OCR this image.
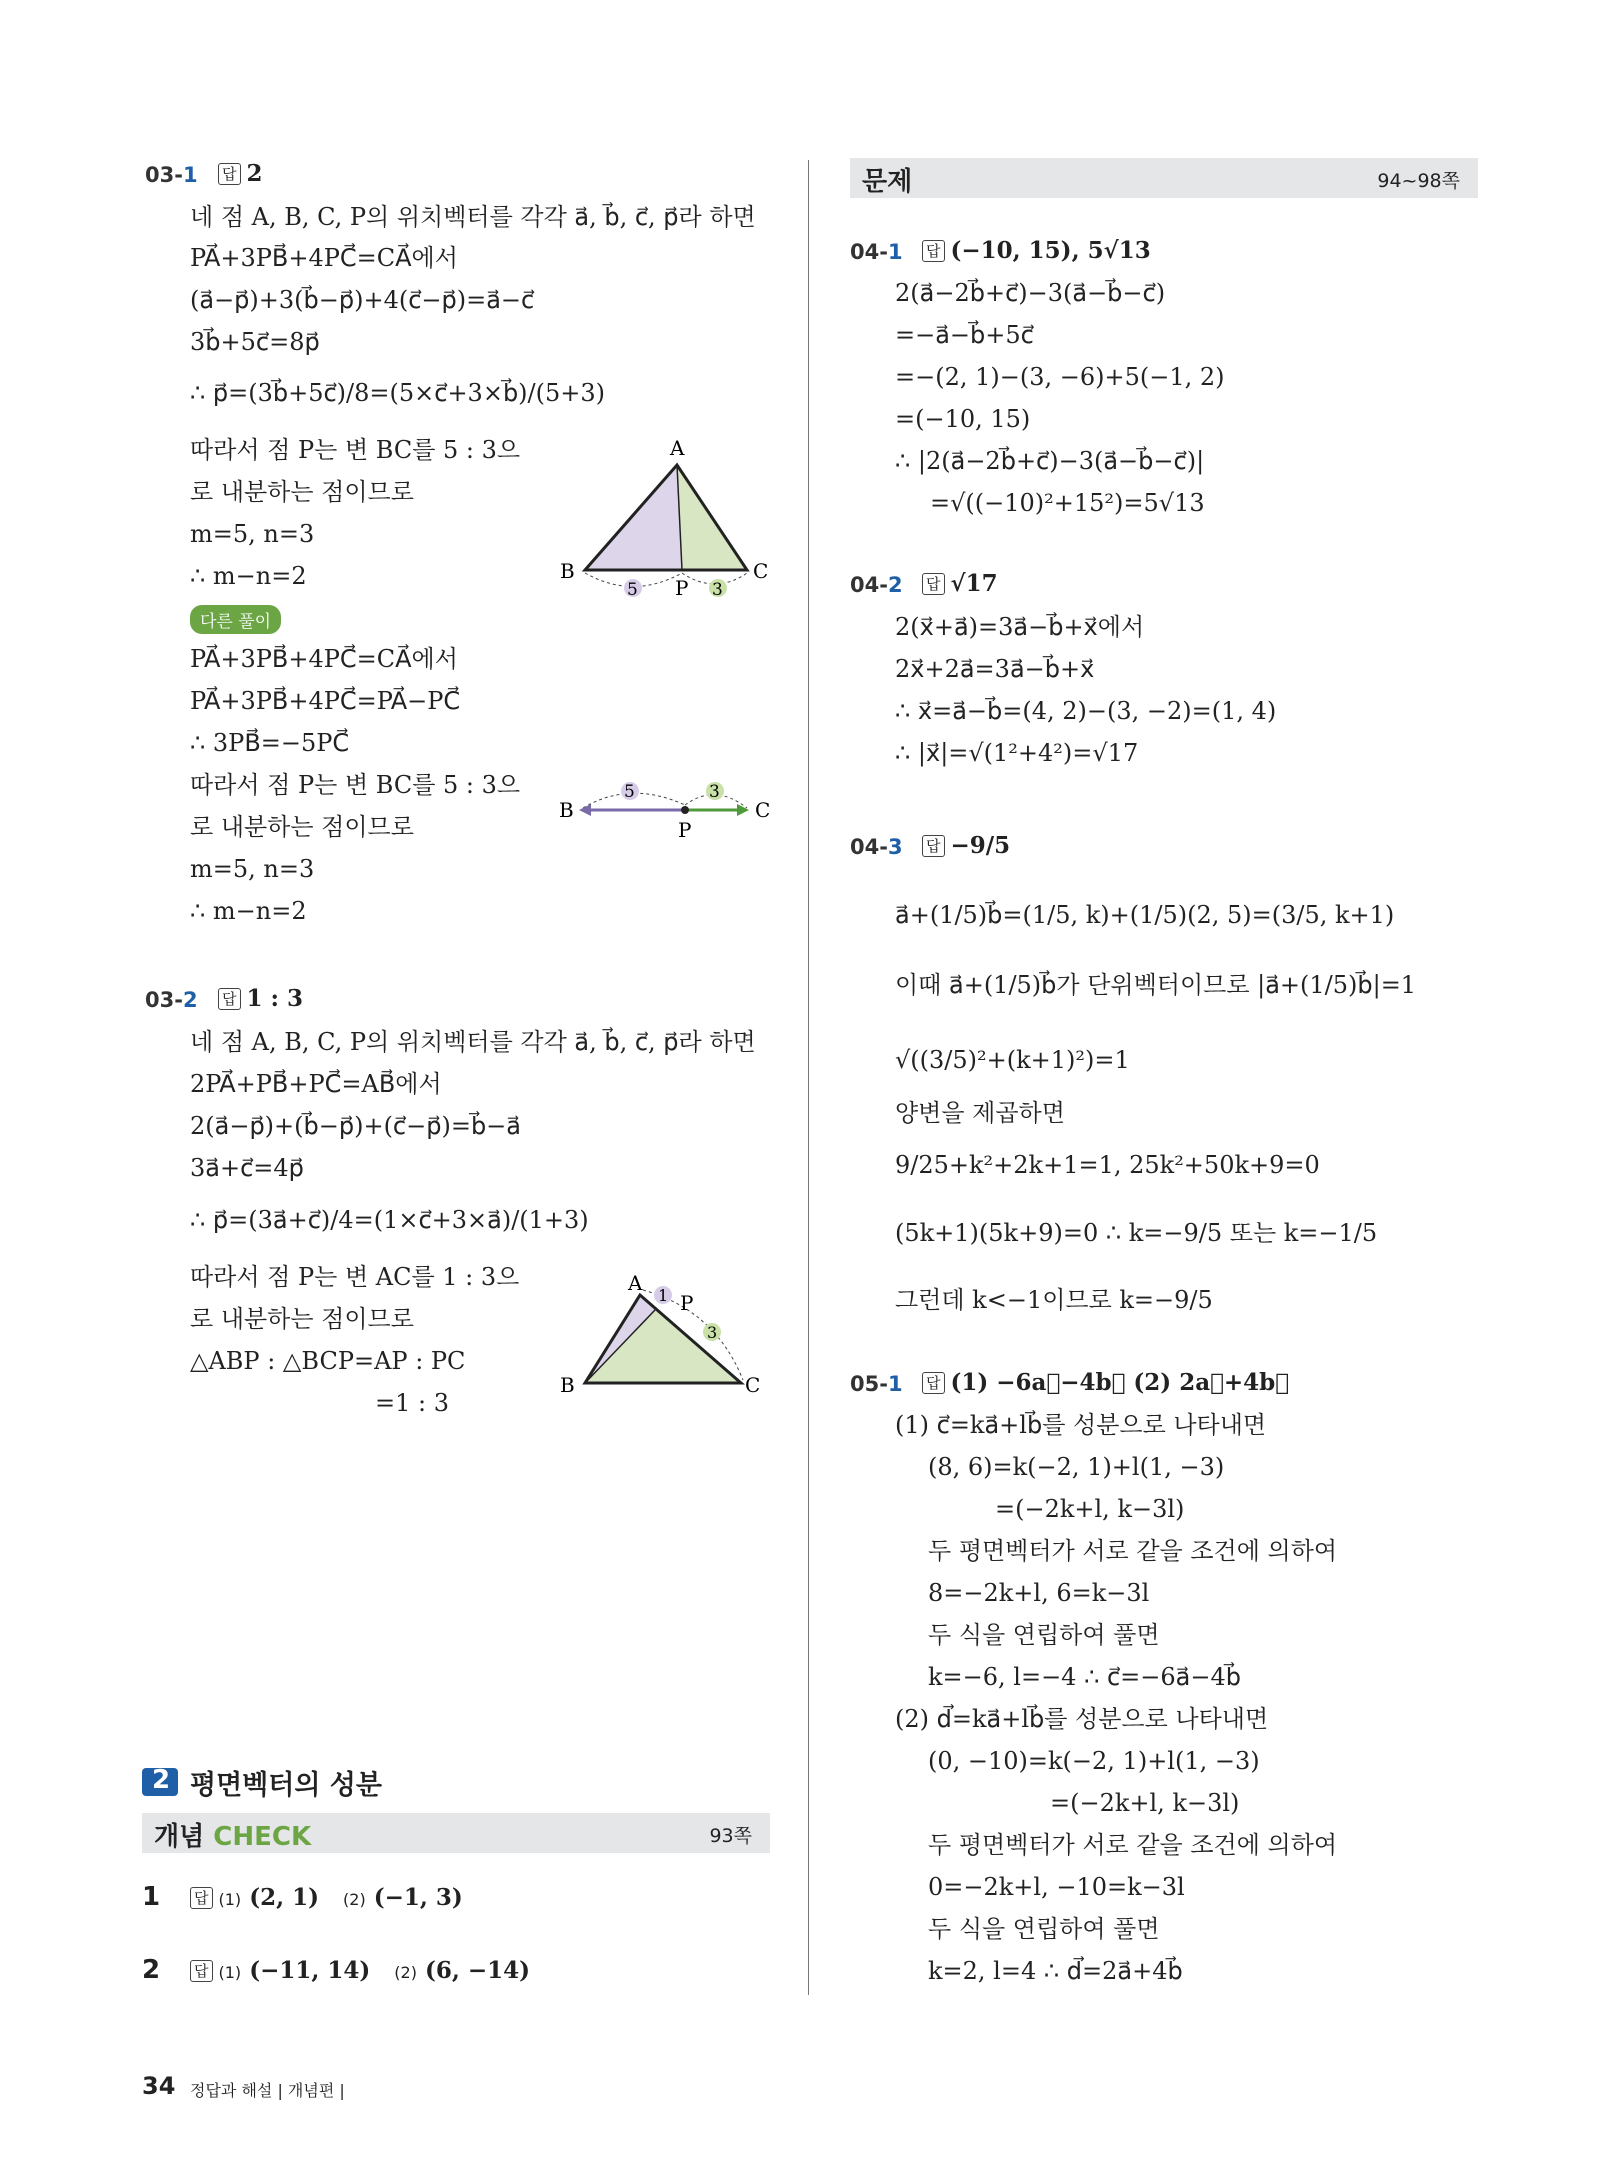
03-1 답 2
네 점 A, B, C, P의 위치벡터를 각각 a⃗, b⃗, c⃗, p⃗라 하면
PA⃗+3PB⃗+4PC⃗=CA⃗에서
(a⃗−p⃗)+3(b⃗−p⃗)+4(c⃗−p⃗)=a⃗−c⃗
3b⃗+5c⃗=8p⃗
∴ p⃗=(3b⃗+5c⃗)/8=(5×c⃗+3×b⃗)/(5+3)
따라서 점 P는 변 BC를 5 : 3으
로 내분하는 점이므로
m=5, n=3
∴ m−n=2
A
B	C
P
5	3
다른 풀이
PA⃗+3PB⃗+4PC⃗=CA⃗에서
PA⃗+3PB⃗+4PC⃗=PA⃗−PC⃗
∴ 3PB⃗=−5PC⃗
따라서 점 P는 변 BC를 5 : 3으
로 내분하는 점이므로
m=5, n=3
∴ m−n=2
B	C
P
5	3
03-2 답 1 : 3
네 점 A, B, C, P의 위치벡터를 각각 a⃗, b⃗, c⃗, p⃗라 하면
2PA⃗+PB⃗+PC⃗=AB⃗에서
2(a⃗−p⃗)+(b⃗−p⃗)+(c⃗−p⃗)=b⃗−a⃗
3a⃗+c⃗=4p⃗
∴ p⃗=(3a⃗+c⃗)/4=(1×c⃗+3×a⃗)/(1+3)
따라서 점 P는 변 AC를 1 : 3으
로 내분하는 점이므로
△ABP : △BCP=AP : PC
=1 : 3
A
B	C
P
1
3
2 평면벡터의 성분
개념 CHECK	93쪽
1 답 (1) (2, 1) (2) (−1, 3)
2 답 (1) (−11, 14) (2) (6, −14)
문제	94~98쪽
04-1 답 (−10, 15), 5√13
2(a⃗−2b⃗+c⃗)−3(a⃗−b⃗−c⃗)
=−a⃗−b⃗+5c⃗
=−(2, 1)−(3, −6)+5(−1, 2)
=(−10, 15)
∴ |2(a⃗−2b⃗+c⃗)−3(a⃗−b⃗−c⃗)|
=√((−10)²+15²)=5√13
04-2 답 √17
2(x⃗+a⃗)=3a⃗−b⃗+x⃗에서
2x⃗+2a⃗=3a⃗−b⃗+x⃗
∴ x⃗=a⃗−b⃗=(4, 2)−(3, −2)=(1, 4)
∴ |x⃗|=√(1²+4²)=√17
04-3 답 −9/5
a⃗+(1/5)b⃗=(1/5, k)+(1/5)(2, 5)=(3/5, k+1)
이때 a⃗+(1/5)b⃗가 단위벡터이므로 |a⃗+(1/5)b⃗|=1
√((3/5)²+(k+1)²)=1
양변을 제곱하면
9/25+k²+2k+1=1, 25k²+50k+9=0
(5k+1)(5k+9)=0 ∴ k=−9/5 또는 k=−1/5
그런데 k<−1이므로 k=−9/5
05-1 답 (1) −6a⃗−4b⃗ (2) 2a⃗+4b⃗
(1) c⃗=ka⃗+lb⃗를 성분으로 나타내면
(8, 6)=k(−2, 1)+l(1, −3)
=(−2k+l, k−3l)
두 평면벡터가 서로 같을 조건에 의하여
8=−2k+l, 6=k−3l
두 식을 연립하여 풀면
k=−6, l=−4 ∴ c⃗=−6a⃗−4b⃗
(2) d⃗=ka⃗+lb⃗를 성분으로 나타내면
(0, −10)=k(−2, 1)+l(1, −3)
=(−2k+l, k−3l)
두 평면벡터가 서로 같을 조건에 의하여
0=−2k+l, −10=k−3l
두 식을 연립하여 풀면
k=2, l=4 ∴ d⃗=2a⃗+4b⃗
34 정답과 해설 | 개념편 |
